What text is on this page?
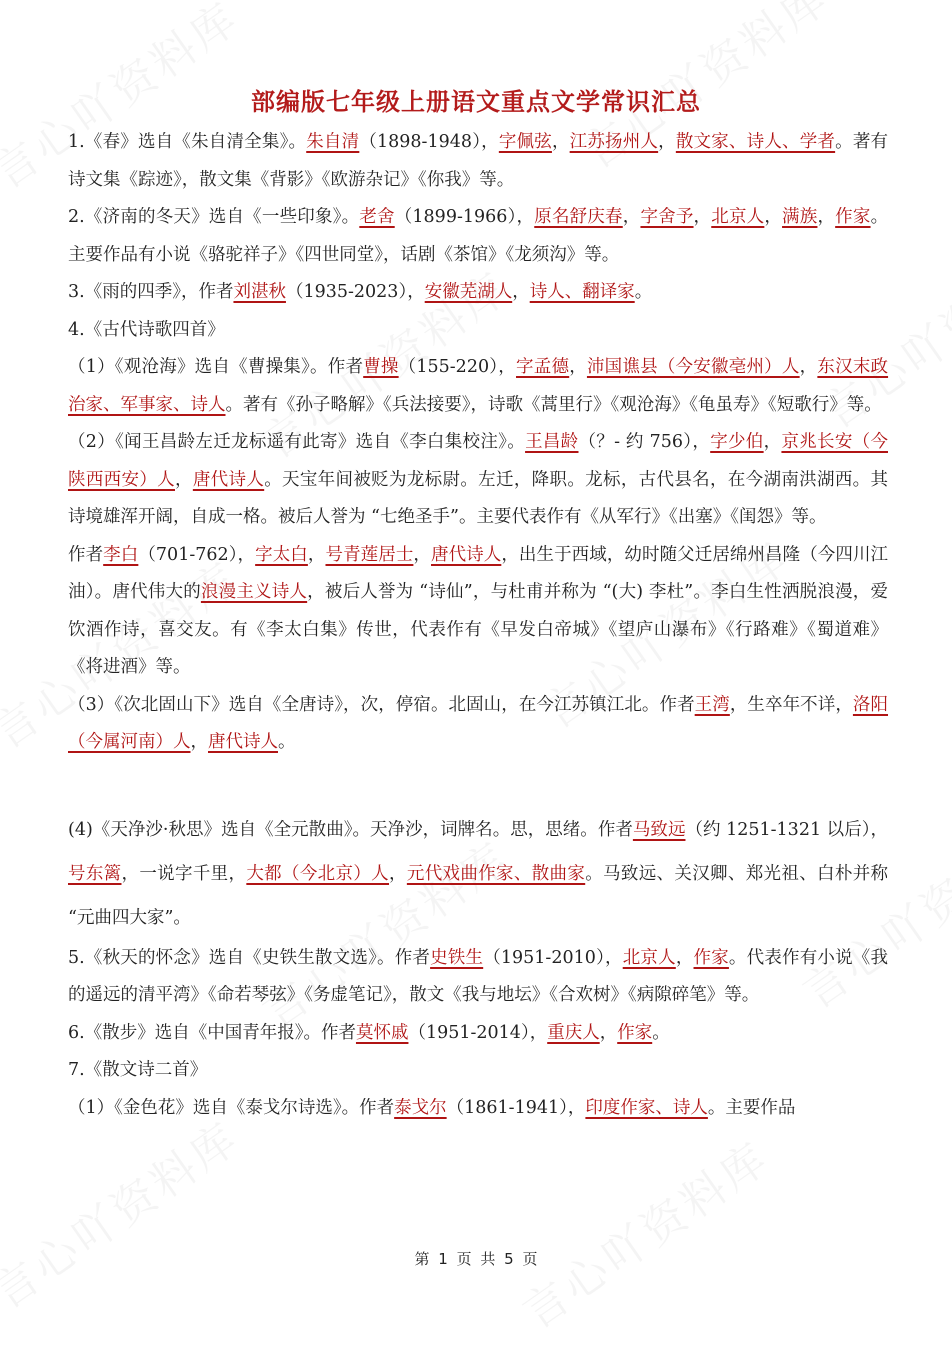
部编版七年级上册语文重点文学常识汇总

1.《春》选自《朱自清全集》。朱自清（1898-1948），字佩弦，江苏扬州人，散文家、诗人、学者。著有诗文集《踪迹》，散文集《背影》《欧游杂记》《你我》等。

2.《济南的冬天》选自《一些印象》。老舍（1899-1966），原名舒庆春，字舍予，北京人，满族，作家。主要作品有小说《骆驼祥子》《四世同堂》，话剧《茶馆》《龙须沟》等。

3.《雨的四季》，作者刘湛秋（1935-2023），安徽芜湖人，诗人、翻译家。

4.《古代诗歌四首》

（1）《观沧海》选自《曹操集》。作者曹操（155-220），字孟德，沛国谯县（今安徽亳州）人，东汉末政治家、军事家、诗人。著有《孙子略解》《兵法接要》，诗歌《蒿里行》《观沧海》《龟虽寿》《短歌行》等。

（2）《闻王昌龄左迁龙标遥有此寄》选自《李白集校注》。王昌龄（？- 约 756），字少伯，京兆长安（今陕西西安）人，唐代诗人。天宝年间被贬为龙标尉。左迁，降职。龙标，古代县名，在今湖南洪湖西。其诗境雄浑开阔，自成一格。被后人誉为 “七绝圣手”。主要代表作有《从军行》《出塞》《闺怨》等。

作者李白（701-762），字太白，号青莲居士，唐代诗人，出生于西域，幼时随父迁居绵州昌隆（今四川江油）。唐代伟大的浪漫主义诗人，被后人誉为 “诗仙”，与杜甫并称为 “(大) 李杜”。李白生性洒脱浪漫，爱饮酒作诗，喜交友。有《李太白集》传世，代表作有《早发白帝城》《望庐山瀑布》《行路难》《蜀道难》《将进酒》等。

（3）《次北固山下》选自《全唐诗》，次，停宿。北固山，在今江苏镇江北。作者王湾，生卒年不详，洛阳（今属河南）人，唐代诗人。

(4)《天净沙·秋思》选自《全元散曲》。天净沙，词牌名。思，思绪。作者马致远（约 1251-1321 以后），号东篱，一说字千里，大都（今北京）人，元代戏曲作家、散曲家。马致远、关汉卿、郑光祖、白朴并称 “元曲四大家”。

5.《秋天的怀念》选自《史铁生散文选》。作者史铁生（1951-2010），北京人，作家。代表作有小说《我的遥远的清平湾》《命若琴弦》《务虚笔记》，散文《我与地坛》《合欢树》《病隙碎笔》等。

6.《散步》选自《中国青年报》。作者莫怀戚（1951-2014），重庆人，作家。

7.《散文诗二首》

（1）《金色花》选自《泰戈尔诗选》。作者泰戈尔（1861-1941），印度作家、诗人。主要作品

第 1 页 共 5 页
